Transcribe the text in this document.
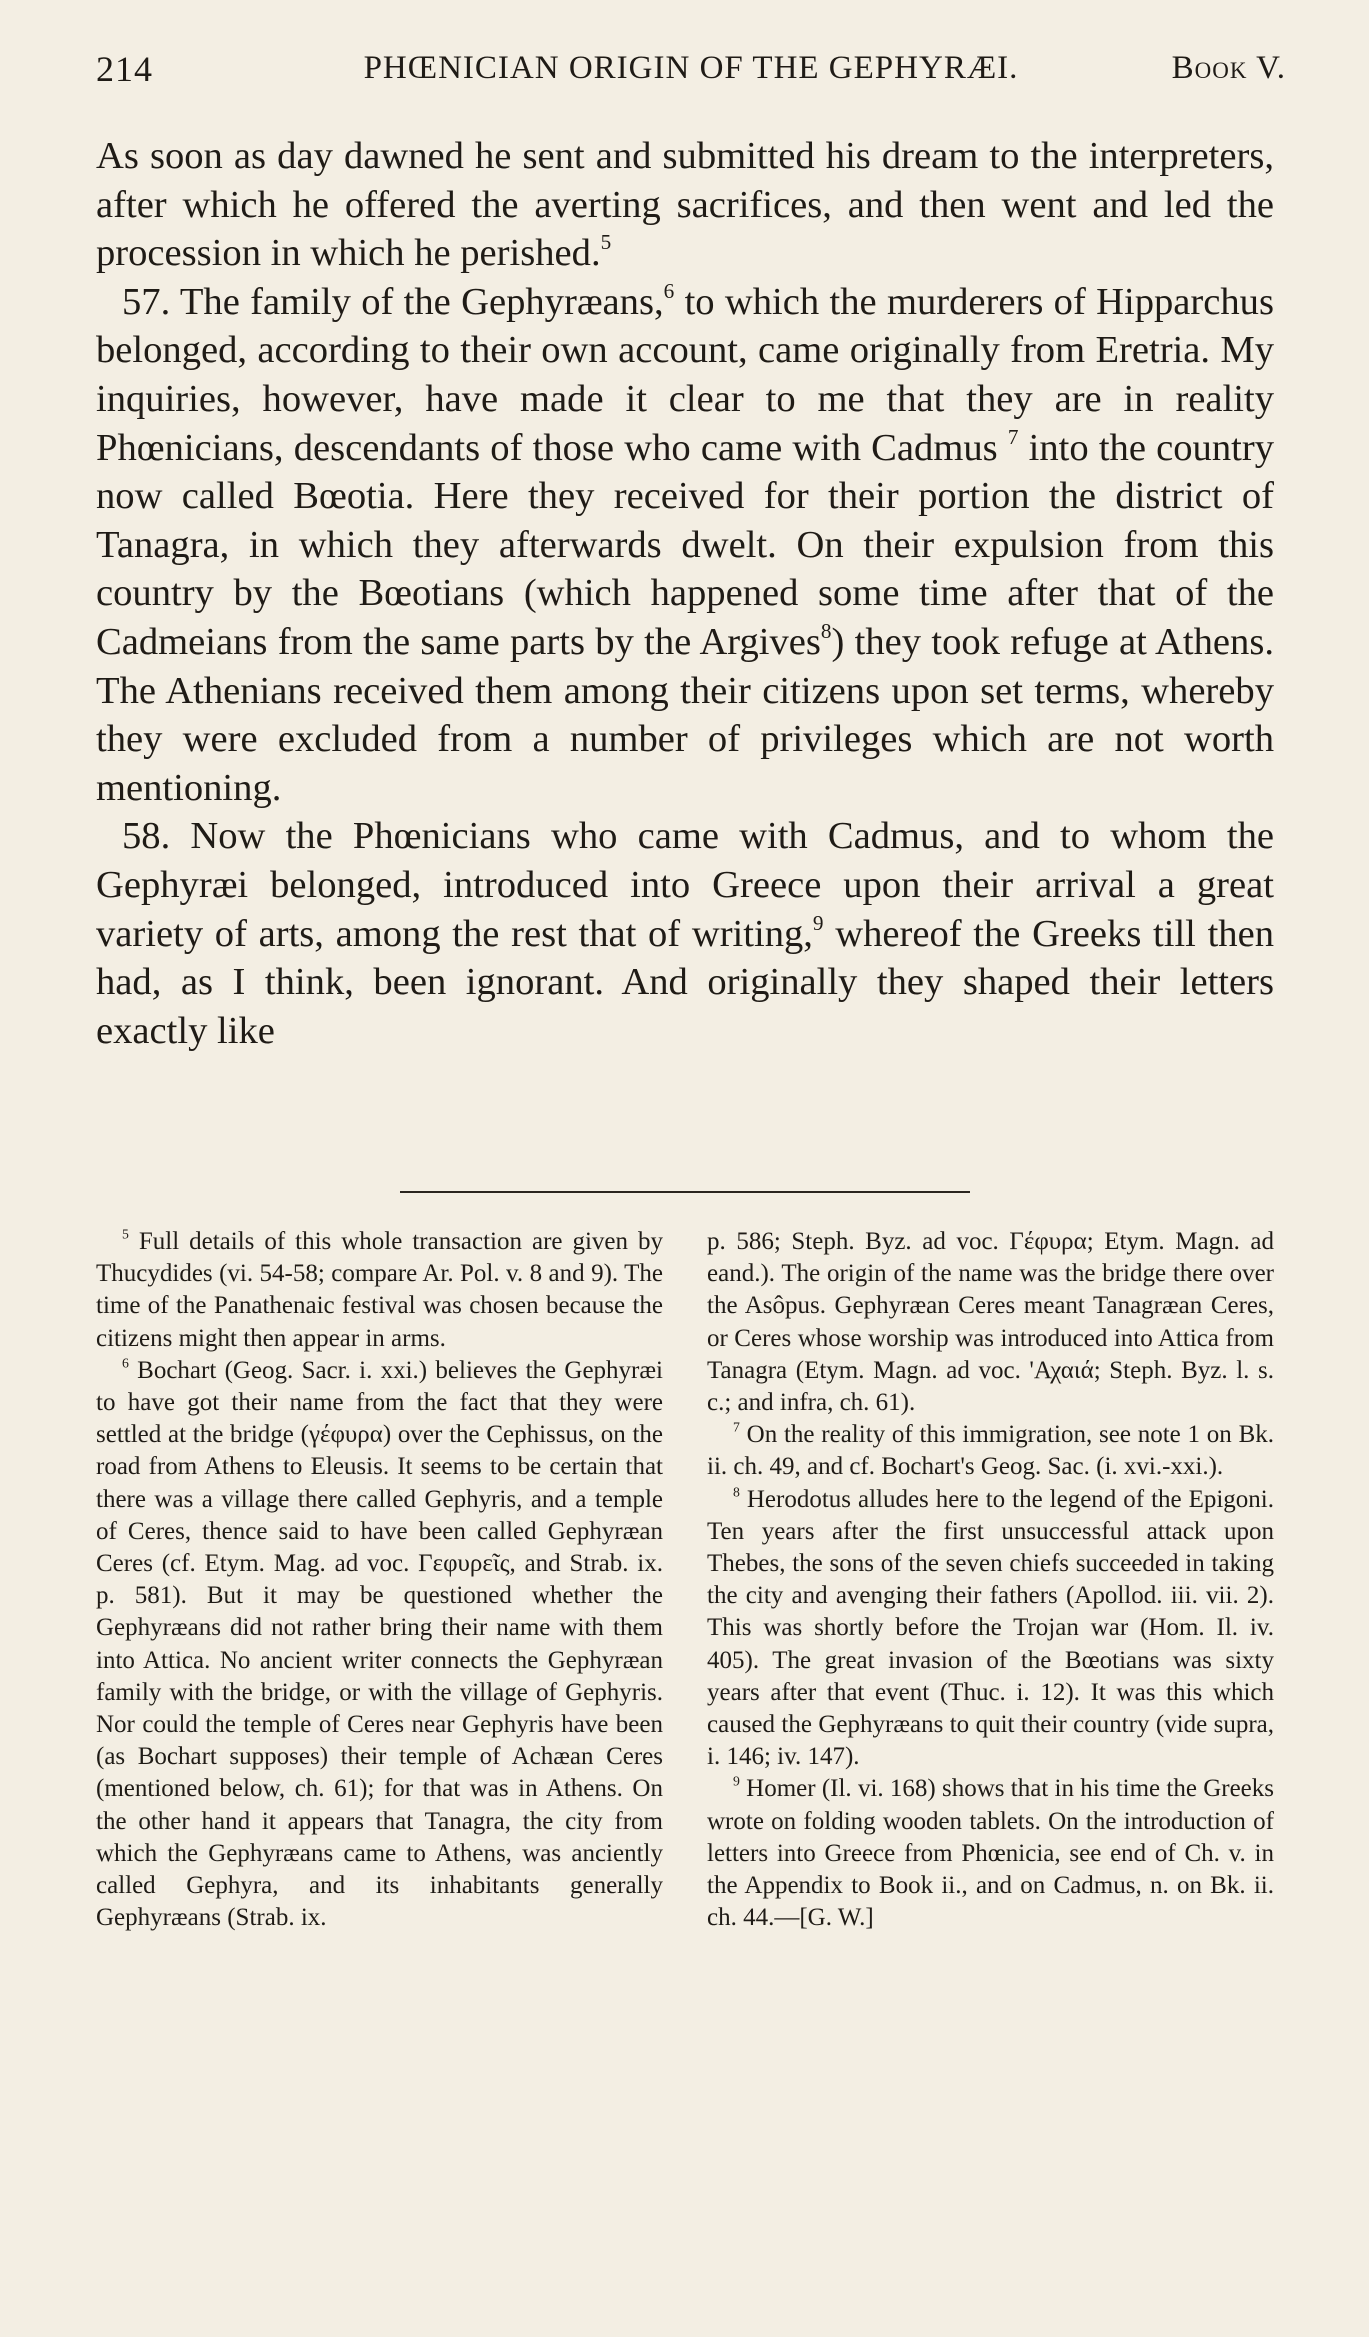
214	PHŒNICIAN ORIGIN OF THE GEPHYRÆI.	Book V.

As soon as day dawned he sent and submitted his dream to the interpreters, after which he offered the averting sacrifices, and then went and led the procession in which he perished.$^5$

57. The family of the Gephyræans,$^6$ to which the murderers of Hipparchus belonged, according to their own account, came originally from Eretria. My inquiries, however, have made it clear to me that they are in reality Phœnicians, descendants of those who came with Cadmus $^7$ into the country now called Bœotia. Here they received for their portion the district of Tanagra, in which they afterwards dwelt. On their expulsion from this country by the Bœotians (which happened some time after that of the Cadmeians from the same parts by the Argives$^8$) they took refuge at Athens. The Athenians received them among their citizens upon set terms, whereby they were excluded from a number of privileges which are not worth mentioning.

58. Now the Phœnicians who came with Cadmus, and to whom the Gephyræi belonged, introduced into Greece upon their arrival a great variety of arts, among the rest that of writing,$^9$ whereof the Greeks till then had, as I think, been ignorant. And originally they shaped their letters exactly like

$^5$ Full details of this whole transaction are given by Thucydides (vi. 54-58; compare Ar. Pol. v. 8 and 9). The time of the Panathenaic festival was chosen because the citizens might then appear in arms.

$^6$ Bochart (Geog. Sacr. i. xxi.) believes the Gephyræi to have got their name from the fact that they were settled at the bridge (γέφυρα) over the Cephissus, on the road from Athens to Eleusis. It seems to be certain that there was a village there called Gephyris, and a temple of Ceres, thence said to have been called Gephyræan Ceres (cf. Etym. Mag. ad voc. Γεφυρεῖς, and Strab. ix. p. 581). But it may be questioned whether the Gephyræans did not rather bring their name with them into Attica. No ancient writer connects the Gephyræan family with the bridge, or with the village of Gephyris. Nor could the temple of Ceres near Gephyris have been (as Bochart supposes) their temple of Achæan Ceres (mentioned below, ch. 61); for that was in Athens. On the other hand it appears that Tanagra, the city from which the Gephyræans came to Athens, was anciently called Gephyra, and its inhabitants generally Gephyræans (Strab. ix.

p. 586; Steph. Byz. ad voc. Γέφυρα; Etym. Magn. ad eand.). The origin of the name was the bridge there over the Asôpus. Gephyræan Ceres meant Tanagræan Ceres, or Ceres whose worship was introduced into Attica from Tanagra (Etym. Magn. ad voc. 'Αχαιά; Steph. Byz. l. s. c.; and infra, ch. 61).

$^7$ On the reality of this immigration, see note 1 on Bk. ii. ch. 49, and cf. Bochart's Geog. Sac. (i. xvi.-xxi.).

$^8$ Herodotus alludes here to the legend of the Epigoni. Ten years after the first unsuccessful attack upon Thebes, the sons of the seven chiefs succeeded in taking the city and avenging their fathers (Apollod. iii. vii. 2). This was shortly before the Trojan war (Hom. Il. iv. 405). The great invasion of the Bœotians was sixty years after that event (Thuc. i. 12). It was this which caused the Gephyræans to quit their country (vide supra, i. 146; iv. 147).

$^9$ Homer (Il. vi. 168) shows that in his time the Greeks wrote on folding wooden tablets. On the introduction of letters into Greece from Phœnicia, see end of Ch. v. in the Appendix to Book ii., and on Cadmus, n. on Bk. ii. ch. 44.—[G. W.]
